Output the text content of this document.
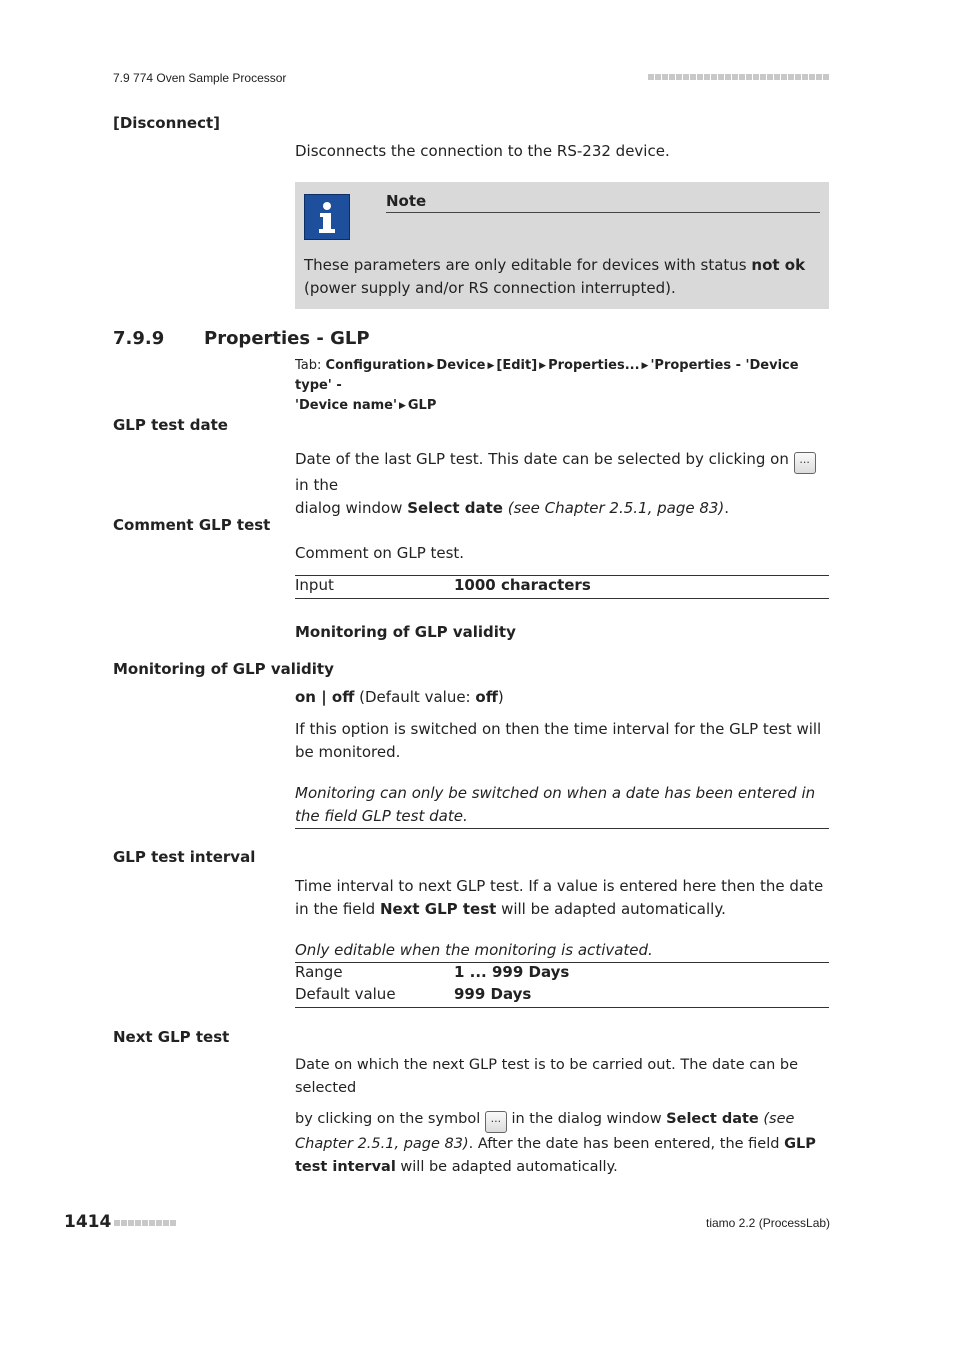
7.9 774 Oven Sample Processor
[Disconnect]
Disconnects the connection to the RS-232 device.
Note
These parameters are only editable for devices with status not ok (power supply and/or RS connection interrupted).
7.9.9 Properties - GLP
Tab: Configuration ▶ Device ▶ [Edit] ▶ Properties... ▶ 'Properties - 'Device type' -
'Device name' ▶ GLP
GLP test date
Date of the last GLP test. This date can be selected by clicking on ... in the
dialog window Select date (see Chapter 2.5.1, page 83).
Comment GLP test
Comment on GLP test.
Input	1000 characters
Monitoring of GLP validity
Monitoring of GLP validity
on | off (Default value: off)
If this option is switched on then the time interval for the GLP test will be monitored.
Monitoring can only be switched on when a date has been entered in the field GLP test date.
GLP test interval
Time interval to next GLP test. If a value is entered here then the date in the field Next GLP test will be adapted automatically.
Only editable when the monitoring is activated.
Range	1 ... 999 Days
Default value	999 Days
Next GLP test
Date on which the next GLP test is to be carried out. The date can be selected
by clicking on the symbol ... in the dialog window Select date (see Chapter 2.5.1, page 83). After the date has been entered, the field GLP test interval will be adapted automatically.
1414	tiamo 2.2 (ProcessLab)
